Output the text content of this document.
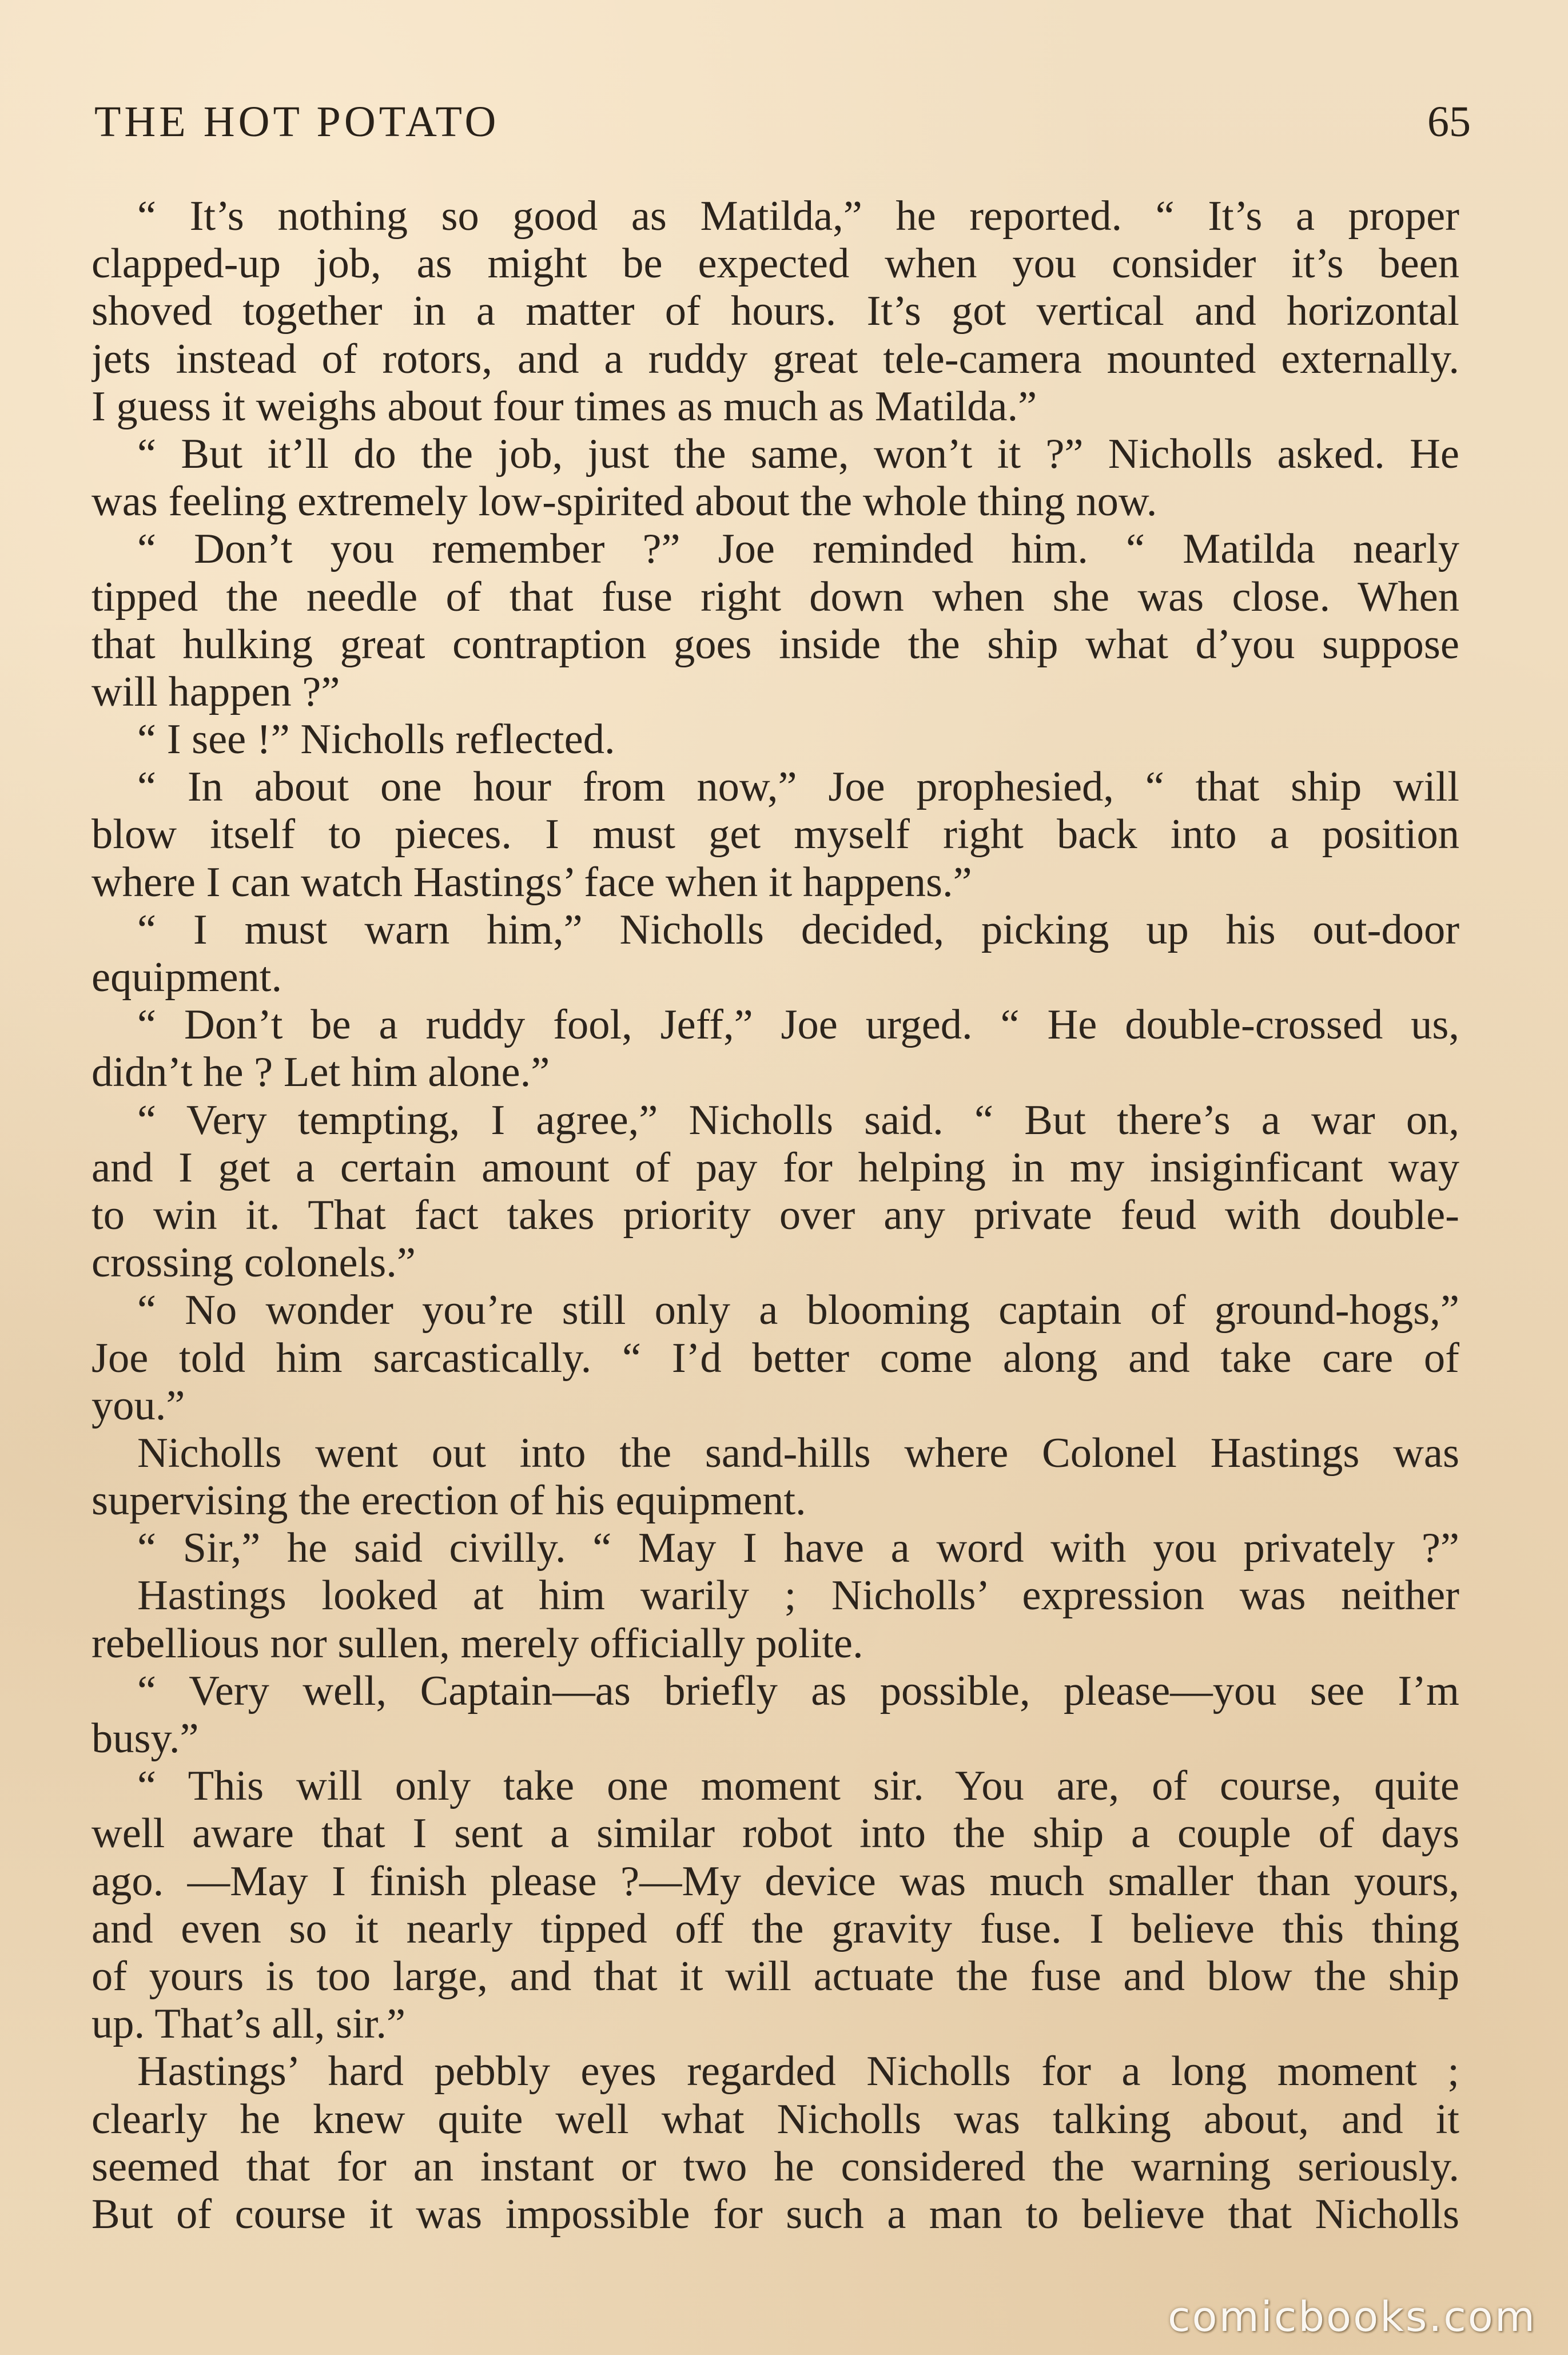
THE HOT POTATO	65
“ It’s nothing so good as Matilda,” he reported. “ It’s a proper
clapped-up job, as might be expected when you consider it’s been
shoved together in a matter of hours. It’s got vertical and horizontal
jets instead of rotors, and a ruddy great tele-camera mounted externally.
I guess it weighs about four times as much as Matilda.”
“ But it’ll do the job, just the same, won’t it ?” Nicholls asked. He
was feeling extremely low-spirited about the whole thing now.
“ Don’t you remember ?” Joe reminded him. “ Matilda nearly
tipped the needle of that fuse right down when she was close. When
that hulking great contraption goes inside the ship what d’you suppose
will happen ?”
“ I see !” Nicholls reflected.
“ In about one hour from now,” Joe prophesied, “ that ship will
blow itself to pieces. I must get myself right back into a position
where I can watch Hastings’ face when it happens.”
“ I must warn him,” Nicholls decided, picking up his out-door
equipment.
“ Don’t be a ruddy fool, Jeff,” Joe urged. “ He double-crossed us,
didn’t he ? Let him alone.”
“ Very tempting, I agree,” Nicholls said. “ But there’s a war on,
and I get a certain amount of pay for helping in my insiginficant way
to win it. That fact takes priority over any private feud with double-
crossing colonels.”
“ No wonder you’re still only a blooming captain of ground-hogs,”
Joe told him sarcastically. “ I’d better come along and take care of
you.”
Nicholls went out into the sand-hills where Colonel Hastings was
supervising the erection of his equipment.
“ Sir,” he said civilly. “ May I have a word with you privately ?”
Hastings looked at him warily ; Nicholls’ expression was neither
rebellious nor sullen, merely officially polite.
“ Very well, Captain—as briefly as possible, please—you see I’m
busy.”
“ This will only take one moment sir. You are, of course, quite
well aware that I sent a similar robot into the ship a couple of days
ago. —May I finish please ?—My device was much smaller than yours,
and even so it nearly tipped off the gravity fuse. I believe this thing
of yours is too large, and that it will actuate the fuse and blow the ship
up. That’s all, sir.”
Hastings’ hard pebbly eyes regarded Nicholls for a long moment ;
clearly he knew quite well what Nicholls was talking about, and it
seemed that for an instant or two he considered the warning seriously.
But of course it was impossible for such a man to believe that Nicholls
comicbooks.com
